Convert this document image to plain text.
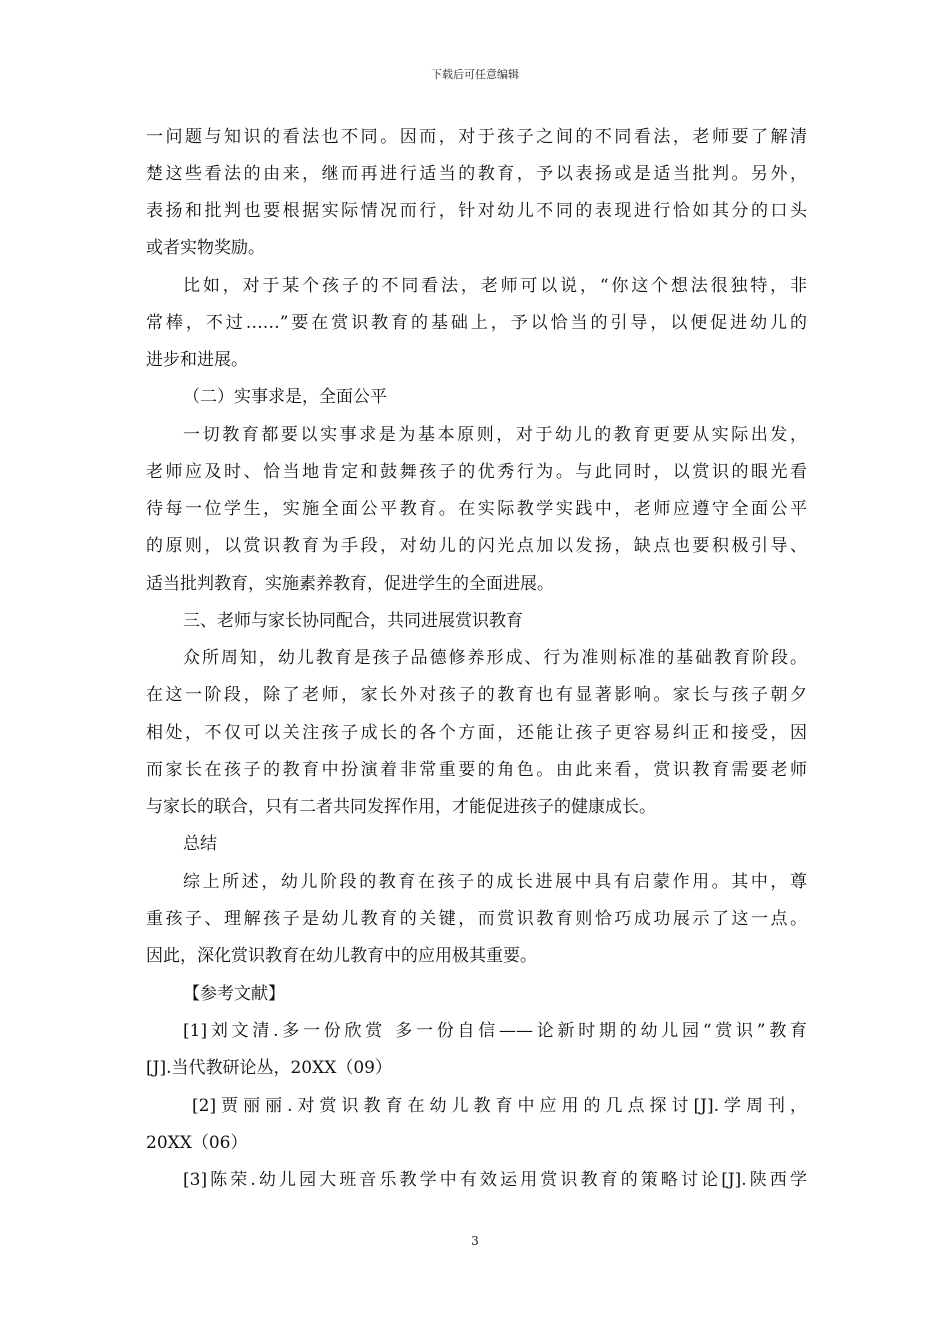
下载后可任意编辑
一问题与知识的看法也不同。因而，对于孩子之间的不同看法，老师要了解清
楚这些看法的由来，继而再进行适当的教育，予以表扬或是适当批判。另外，
表扬和批判也要根据实际情况而行，针对幼儿不同的表现进行恰如其分的口头
或者实物奖励。
比如，对于某个孩子的不同看法，老师可以说，“你这个想法很独特，非
常棒，不过……”要在赏识教育的基础上，予以恰当的引导，以便促进幼儿的
进步和进展。
（二）实事求是，全面公平
一切教育都要以实事求是为基本原则，对于幼儿的教育更要从实际出发，
老师应及时、恰当地肯定和鼓舞孩子的优秀行为。与此同时，以赏识的眼光看
待每一位学生，实施全面公平教育。在实际教学实践中，老师应遵守全面公平
的原则，以赏识教育为手段，对幼儿的闪光点加以发扬，缺点也要积极引导、
适当批判教育，实施素养教育，促进学生的全面进展。
三、老师与家长协同配合，共同进展赏识教育
众所周知，幼儿教育是孩子品德修养形成、行为准则标准的基础教育阶段。
在这一阶段，除了老师，家长外对孩子的教育也有显著影响。家长与孩子朝夕
相处，不仅可以关注孩子成长的各个方面，还能让孩子更容易纠正和接受，因
而家长在孩子的教育中扮演着非常重要的角色。由此来看，赏识教育需要老师
与家长的联合，只有二者共同发挥作用，才能促进孩子的健康成长。
总结
综上所述，幼儿阶段的教育在孩子的成长进展中具有启蒙作用。其中，尊
重孩子、理解孩子是幼儿教育的关键，而赏识教育则恰巧成功展示了这一点。
因此，深化赏识教育在幼儿教育中的应用极其重要。
【参考文献】
[1]刘文清.多一份欣赏 多一份自信——论新时期的幼儿园“赏识”教育
[J].当代教研论丛，20XX（09）
[2]贾丽丽.对赏识教育在幼儿教育中应用的几点探讨[J].学周刊，
20XX（06）
[3]陈荣.幼儿园大班音乐教学中有效运用赏识教育的策略讨论[J].陕西学
3
